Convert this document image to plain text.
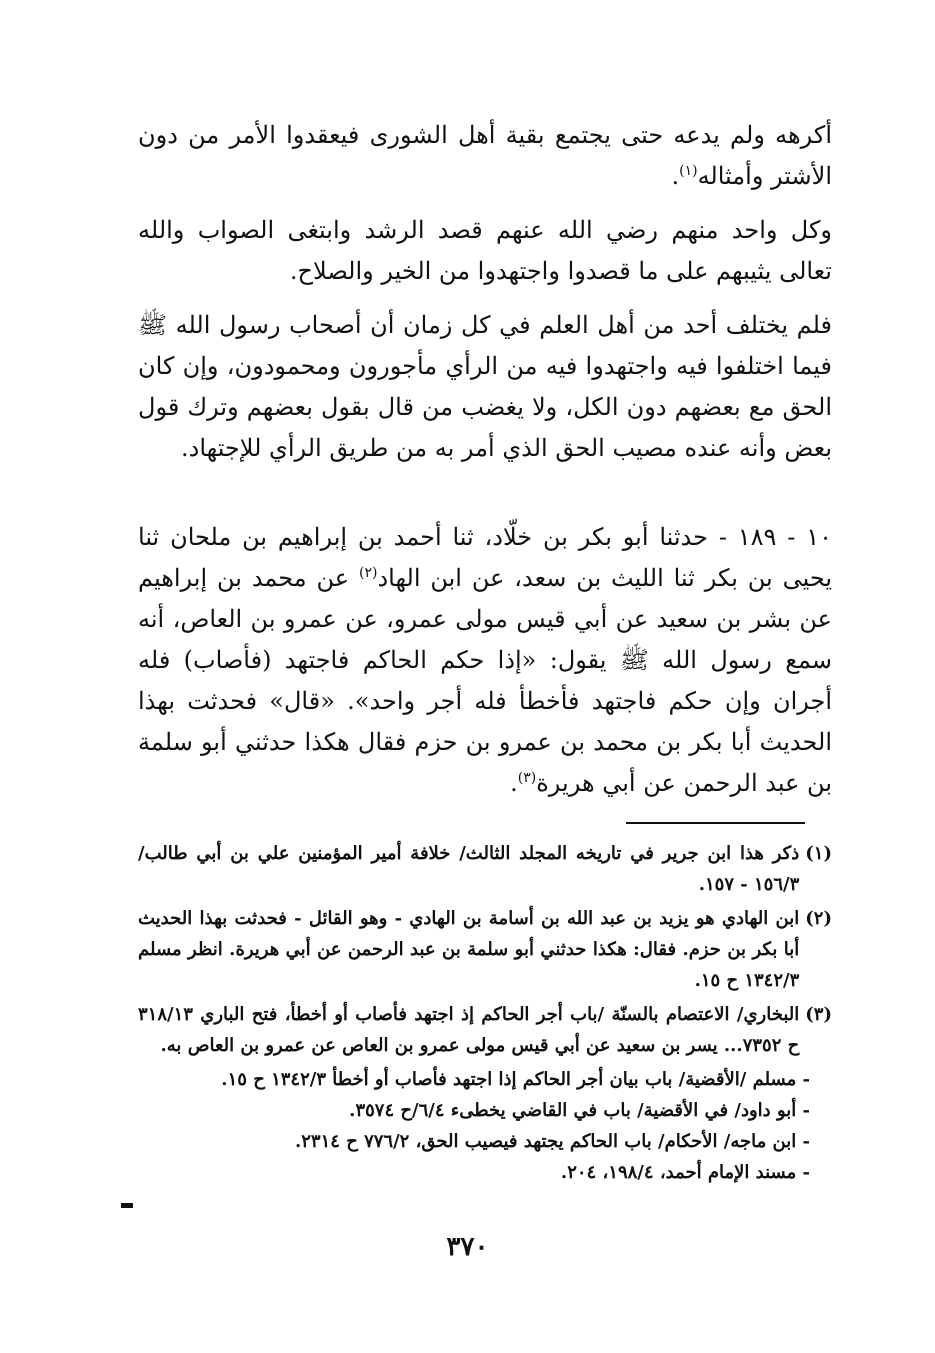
أكرهه ولم يدعه حتى يجتمع بقية أهل الشورى فيعقدوا الأمر من دون الأشتر وأمثاله$^{(١)}$.

وكل واحد منهم رضي الله عنهم قصد الرشد وابتغى الصواب والله تعالى يثيبهم على ما قصدوا واجتهدوا من الخير والصلاح.

فلم يختلف أحد من أهل العلم في كل زمان أن أصحاب رسول الله ﷺ فيما اختلفوا فيه واجتهدوا فيه من الرأي مأجورون ومحمودون، وإن كان الحق مع بعضهم دون الكل، ولا يغضب من قال بقول بعضهم وترك قول بعض وأنه عنده مصيب الحق الذي أمر به من طريق الرأي للإجتهاد.

١٠ - ١٨٩ - حدثنا أبو بكر بن خلّاد، ثنا أحمد بن إبراهيم بن ملحان ثنا يحيى بن بكر ثنا الليث بن سعد، عن ابن الهاد$^{(٢)}$ عن محمد بن إبراهيم عن بشر بن سعيد عن أبي قيس مولى عمرو، عن عمرو بن العاص، أنه سمع رسول الله ﷺ يقول: «إذا حكم الحاكم فاجتهد (فأصاب) فله أجران وإن حكم فاجتهد فأخطأ فله أجر واحد». «قال» فحدثت بهذا الحديث أبا بكر بن محمد بن عمرو بن حزم فقال هكذا حدثني أبو سلمة بن عبد الرحمن عن أبي هريرة$^{(٣)}$.

(١)

ذكر هذا ابن جرير في تاريخه المجلد الثالث/ خلافة أمير المؤمنين علي بن أبي طالب/ ١٥٦/٣ - ١٥٧.

(٢)

ابن الهادي هو يزيد بن عبد الله بن أسامة بن الهادي - وهو القائل - فحدثت بهذا الحديث أبا بكر بن حزم. فقال: هكذا حدثني أبو سلمة بن عبد الرحمن عن أبي هريرة. انظر مسلم ١٣٤٢/٣ ح ١٥.

(٣)

البخاري/ الاعتصام بالسنّة /باب أجر الحاكم إذ اجتهد فأصاب أو أخطأ، فتح الباري ٣١٨/١٣ ح ٧٣٥٢... يسر بن سعيد عن أبي قيس مولى عمرو بن العاص عن عمرو بن العاص به.

- مسلم /الأقضية/ باب بيان أجر الحاكم إذا اجتهد فأصاب أو أخطأ ١٣٤٢/٣ ح ١٥.

- أبو داود/ في الأقضية/ باب في القاضي يخطىء ٦/٤/ح ٣٥٧٤.

- ابن ماجه/ الأحكام/ باب الحاكم يجتهد فيصيب الحق، ٧٧٦/٢ ح ٢٣١٤.

- مسند الإمام أحمد، ١٩٨/٤، ٢٠٤.

٣٧٠
